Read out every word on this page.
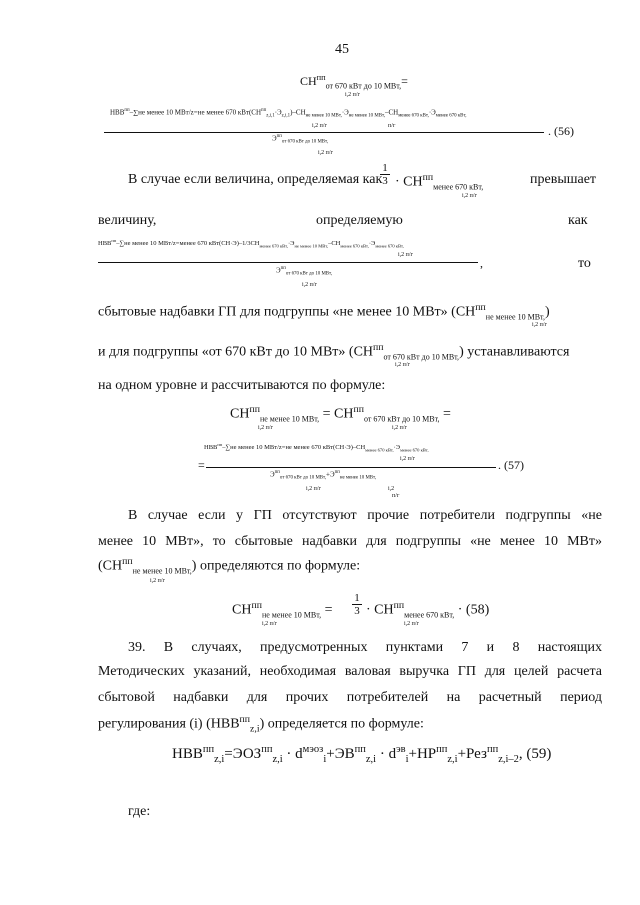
45
$СН^{пп}_{от 670 кВт до 10 МВт,}=$
i,2 п/г
$НВВ^{пп}-\sum не$ менее 10 МВт/z=не менее 670 $кВт(СН^{пп}_{z,i,1}\cdot Э_{z,i,1})-СН_{не менее 10 МВт,}\cdot Э_{не менее 10 МВт,}-СН_{менее 670 кВт,}\cdot Э_{менее 670 кВт,}$
i,2 п/г	п/г	. (56)
$Э^{пп}_{от 670 кВт до 10 МВт,}$
i,2 п/г
В случае если величина, определяемая как
1
$3 \cdot СН^{пп}_{менее 670 кВт,}$	превышает
i,2 п/г
величину,	определяемую	как
$НВВ^{пп}-\sum не$ менее 10 МВт/z=менее 670 $кВт(СН\cdot Э)-1/3СН_{менее 670 кВт,}\cdot Э_{не менее 10 МВт,}-СН_{менее 670 кВт,}\cdot Э_{менее 670 кВт,}$
i,2 п/г
,	то
$Э^{пп}_{от 670 кВт до 10 МВт,}$
i,2 п/г
сбытовые надбавки ГП для подгруппы «не менее 10 МВт» $(СН^{пп}_{не менее 10 МВт,})$
i,2 п/г
и для подгруппы «от 670 кВт до 10 МВт» $(СН^{пп}_{от 670 кВт до 10 МВт,})$ устанавливаются
i,2 п/г
на одном уровне и рассчитываются по формуле:
$СН^{пп}_{не менее 10 МВт,} = СН^{пп}_{от 670 кВт до 10 МВт,}$ =
i,2 п/г	i,2 п/г
$НВВ^{пп}-\sum не$ менее 10 МВт/z=не менее 670 $кВт(СН\cdot Э)-СН_{менее 670 кВт,}\cdot Э_{менее 670 кВт,}$
i,2 п/г
=	. (57)
$Э^{пп}_{от 670 кВт до 10 МВт,}+Э^{пп}_{не менее 10 МВт,}$
i,2 п/г	i,2
п/г
В случае если у ГП отсутствуют прочие потребители подгруппы «не
менее 10 МВт», то сбытовые надбавки для подгруппы «не менее 10 МВт»
$(СН^{пп}_{не менее 10 МВт,})$ определяются по формуле:
i,2 п/г
$СН^{пп}_{не менее 10 МВт,}$ =
i,2 п/г
1
$3 \cdot СН^{пп}_{менее 670 кВт,} \cdot (58)$
i,2 п/г
39. В случаях, предусмотренных пунктами 7 и 8 настоящих
Методических указаний, необходимая валовая выручка ГП для целей расчета
сбытовой надбавки для прочих потребителей на расчетный период
регулирования (i) $(НВВ^{пп}_{z,i})$ определяется по формуле:
$НВВ^{пп}_{z,i}=ЭОЗ^{пп}_{z,i} \cdot d^{мэоз}_i+ЭВ^{пп}_{z,i} \cdot d^{эв}_i+НР^{пп}_{z,i}+Рез^{пп}_{z,i-2}$, (59)
где:
